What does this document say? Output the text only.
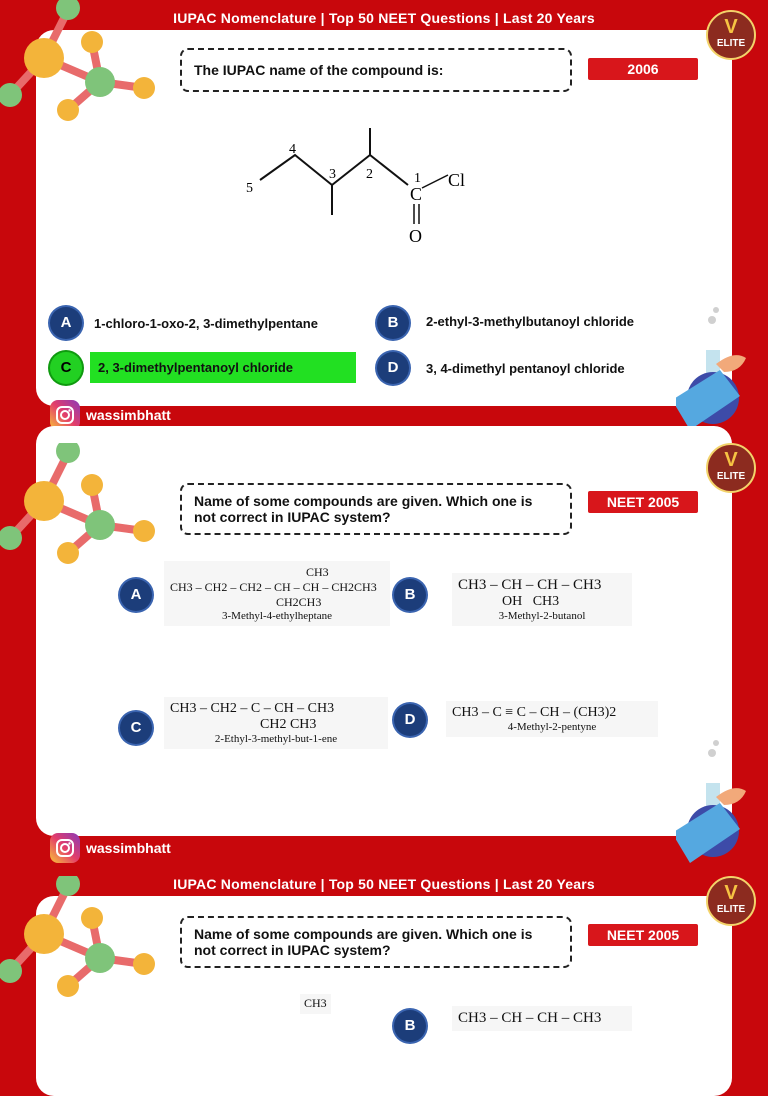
IUPAC Nomenclature | Top 50 NEET Questions | Last 20 Years	V
ELITE
The IUPAC name of the compound is:	2006
5
4
3 2	1
C
Cl
O
A	1-chloro-1-oxo-2, 3-dimethylpentane	B	2-ethyl-3-methylbutanoyl chloride
C	2, 3-dimethylpentanoyl chloride	D	3, 4-dimethyl pentanoyl chloride
wassimbhatt
IUPAC Nomenclature | Top 50 NEET Questions | Last 20 Years	V
ELITE
Name of some compounds are given. Which one is not correct in IUPAC system?
NEET 2005
A
CH3
CH3 – CH2 – CH2 – CH – CH – CH2CH3
CH2CH3
3-Methyl-4-ethylheptane
B
CH3 – CH – CH – CH3
OH   CH3
3-Methyl-2-butanol
C
CH3 – CH2 – C – CH – CH3
CH2 CH3
2-Ethyl-3-methyl-but-1-ene
D	CH3 – C ≡ C – CH – (CH3)2
4-Methyl-2-pentyne
wassimbhatt
IUPAC Nomenclature | Top 50 NEET Questions | Last 20 Years	V
ELITE
Name of some compounds are given. Which one is not correct in IUPAC system?
NEET 2005
B	CH3 – CH – CH – CH3
CH3
